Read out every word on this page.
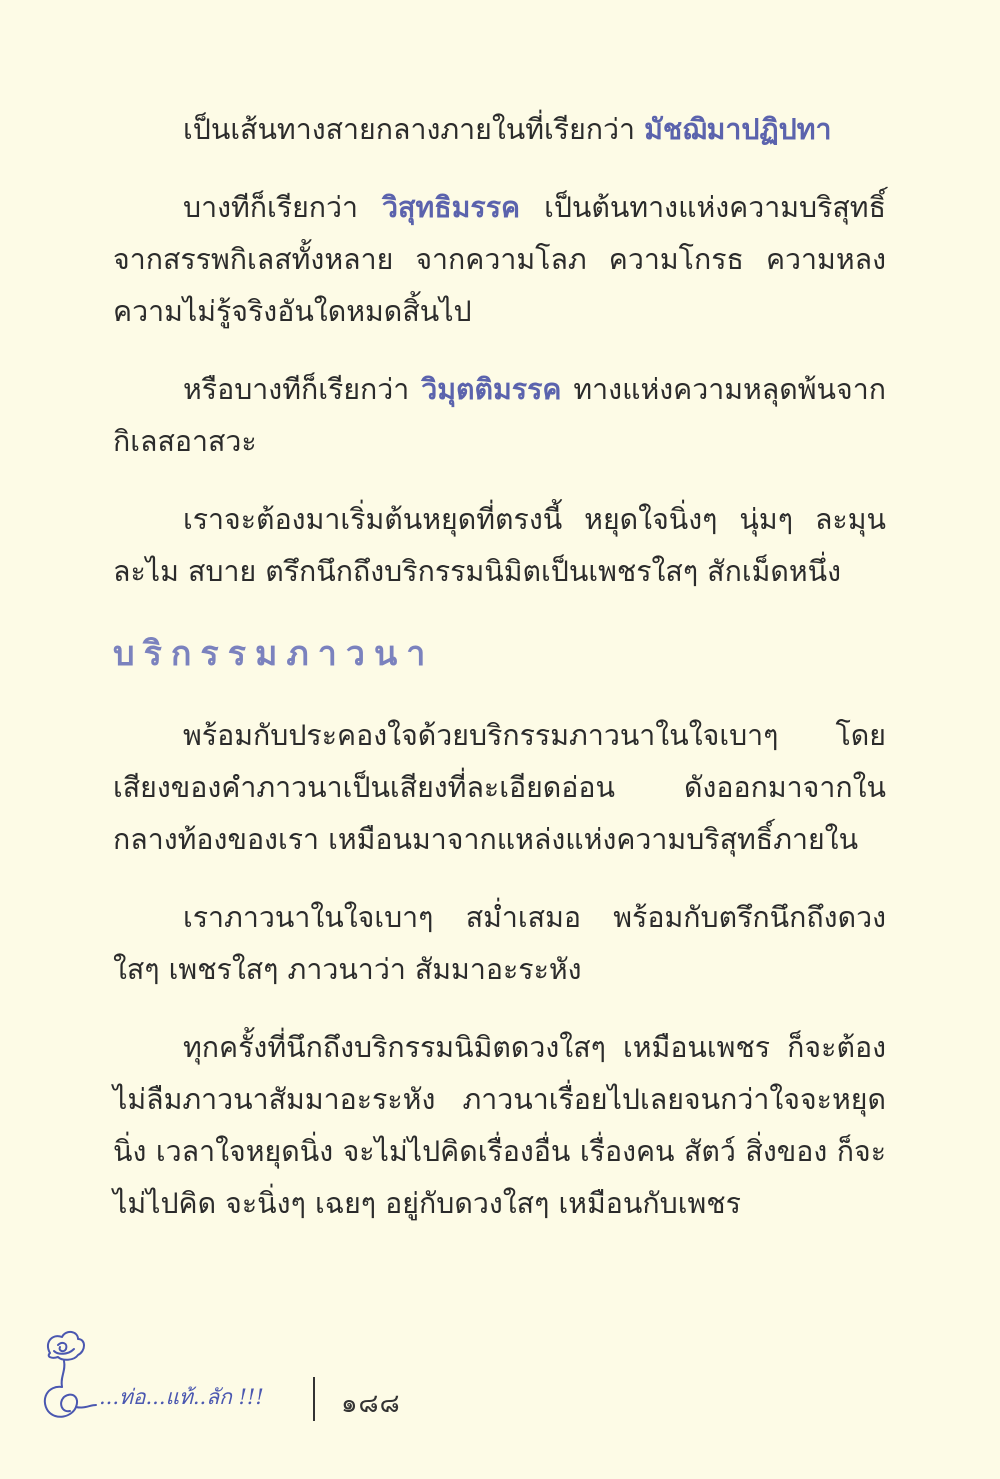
เป็นเส้นทางสายกลางภายในที่เรียกว่า มัชฌิมาปฏิปทา

บางทีก็เรียกว่า วิสุทธิมรรค เป็นต้นทางแห่งความบริสุทธิ์จากสรรพกิเลสทั้งหลาย จากความโลภ ความโกรธ ความหลง ความไม่รู้จริงอันใดหมดสิ้นไป

หรือบางทีก็เรียกว่า วิมุตติมรรค ทางแห่งความหลุดพ้นจากกิเลสอาสวะ

เราจะต้องมาเริ่มต้นหยุดที่ตรงนี้ หยุดใจนิ่งๆ นุ่มๆ ละมุนละไม สบาย ตรึกนึกถึงบริกรรมนิมิตเป็นเพชรใสๆ สักเม็ดหนึ่ง

บริกรรมภาวนา

พร้อมกับประคองใจด้วยบริกรรมภาวนาในใจเบาๆ โดยเสียงของคำภาวนาเป็นเสียงที่ละเอียดอ่อน ดังออกมาจากในกลางท้องของเรา เหมือนมาจากแหล่งแห่งความบริสุทธิ์ภายใน

เราภาวนาในใจเบาๆ สม่ำเสมอ พร้อมกับตรึกนึกถึงดวงใสๆ เพชรใสๆ ภาวนาว่า สัมมาอะระหัง

ทุกครั้งที่นึกถึงบริกรรมนิมิตดวงใสๆ เหมือนเพชร ก็จะต้องไม่ลืมภาวนาสัมมาอะระหัง ภาวนาเรื่อยไปเลยจนกว่าใจจะหยุดนิ่ง เวลาใจหยุดนิ่ง จะไม่ไปคิดเรื่องอื่น เรื่องคน สัตว์ สิ่งของ ก็จะไม่ไปคิด จะนิ่งๆ เฉยๆ อยู่กับดวงใสๆ เหมือนกับเพชร

...ท่อ...แท้..ลัก !!!	๑๘๘
